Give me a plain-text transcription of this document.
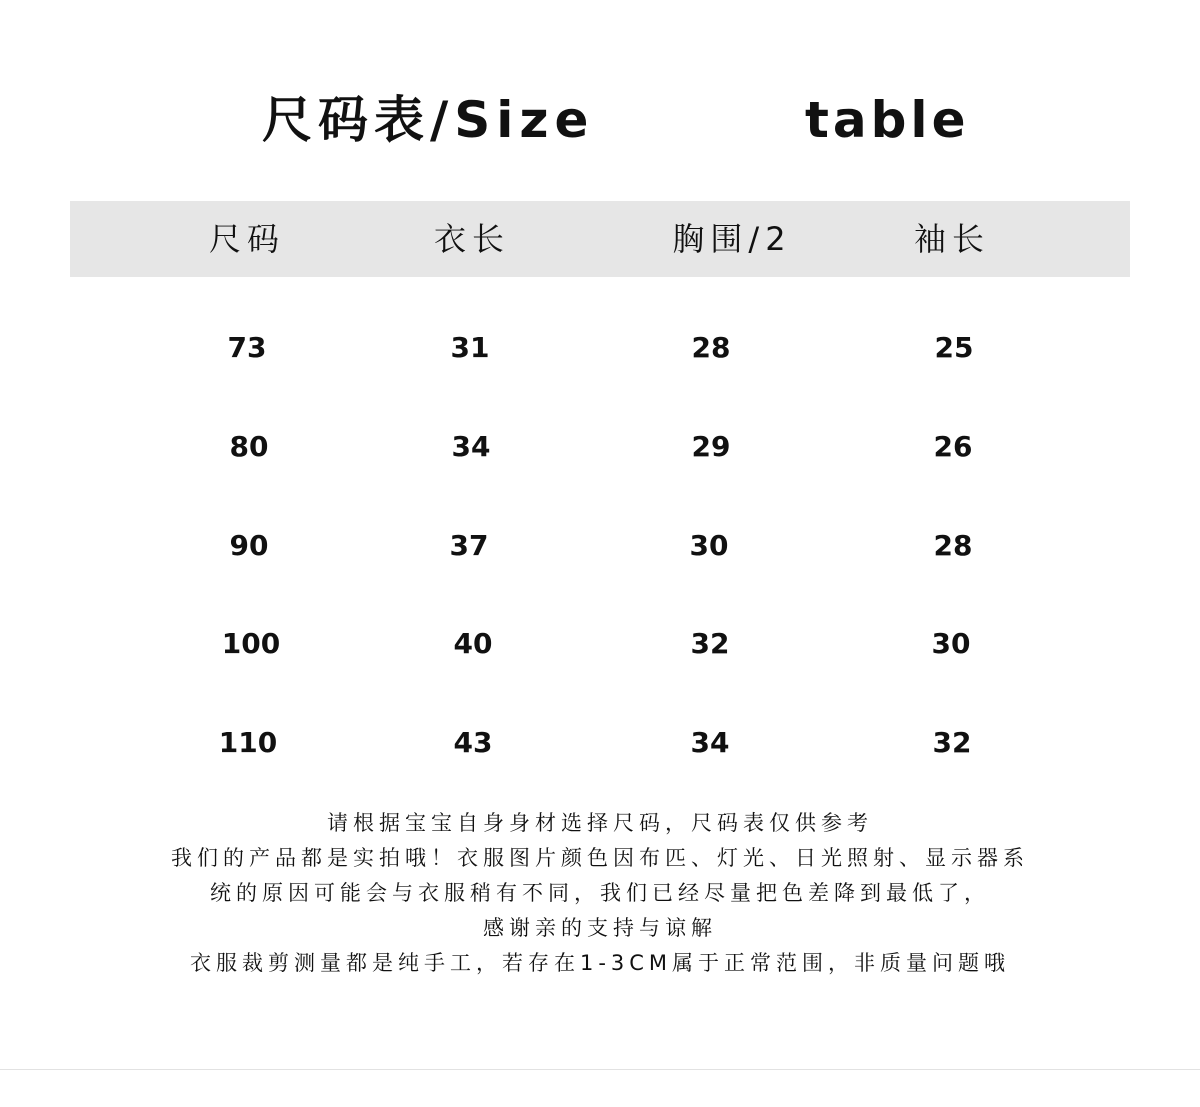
尺码表/Size	table
尺码	衣长	胸围/2	袖长
73	31	28	25
80	34	29	26
90	37	30	28
100	40	32	30
110	43	34	32
请根据宝宝自身身材选择尺码，尺码表仅供参考
我们的产品都是实拍哦！衣服图片颜色因布匹、灯光、日光照射、显示器系
统的原因可能会与衣服稍有不同，我们已经尽量把色差降到最低了，
感谢亲的支持与谅解
衣服裁剪测量都是纯手工，若存在1-3CM属于正常范围，非质量问题哦
